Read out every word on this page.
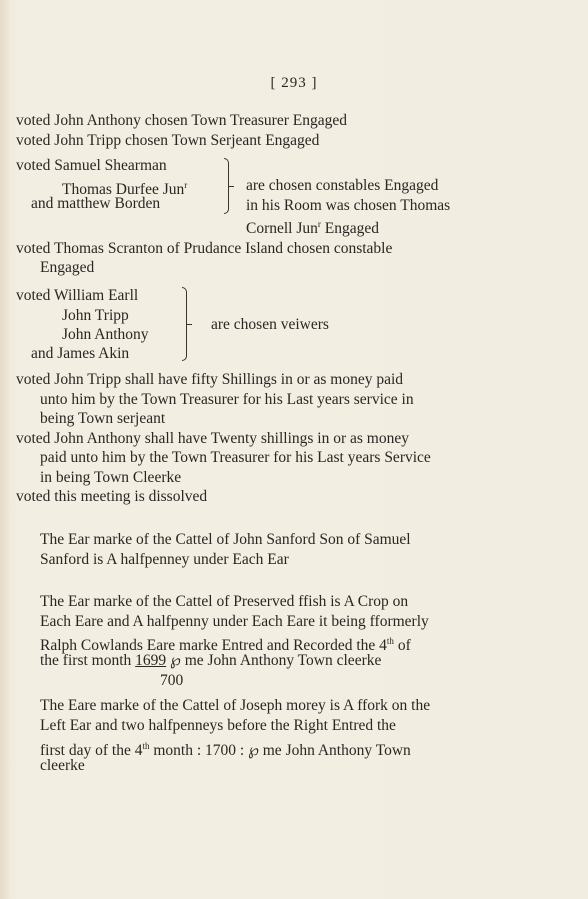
[ 293 ]
voted John Anthony chosen Town Treasurer Engaged
voted John Tripp chosen Town Serjeant Engaged
voted Samuel Shearman
Thomas Durfee Jun$^r$
and matthew Borden
are chosen constables Engaged
in his Room was chosen Thomas
Cornell Jun$^r$ Engaged
voted Thomas Scranton of Prudance Island chosen constable
Engaged
voted William Earll
John Tripp
John Anthony
and James Akin
are chosen veiwers
voted John Tripp shall have fifty Shillings in or as money paid
unto him by the Town Treasurer for his Last years service in
being Town serjeant
voted John Anthony shall have Twenty shillings in or as money
paid unto him by the Town Treasurer for his Last years Service
in being Town Cleerke
voted this meeting is dissolved
The Ear marke of the Cattel of John Sanford Son of Samuel
Sanford is A halfpenney under Each Ear
The Ear marke of the Cattel of Preserved ffish is A Crop on
Each Eare and A halfpenny under Each Eare it being fformerly
Ralph Cowlands Eare marke Entred and Recorded the 4th of
the first month 1699 ℘ me John Anthony Town cleerke
700
The Eare marke of the Cattel of Joseph morey is A ffork on the
Left Ear and two halfpenneys before the Right Entred the
first day of the 4th month : 1700 : ℘ me John Anthony Town
cleerke
